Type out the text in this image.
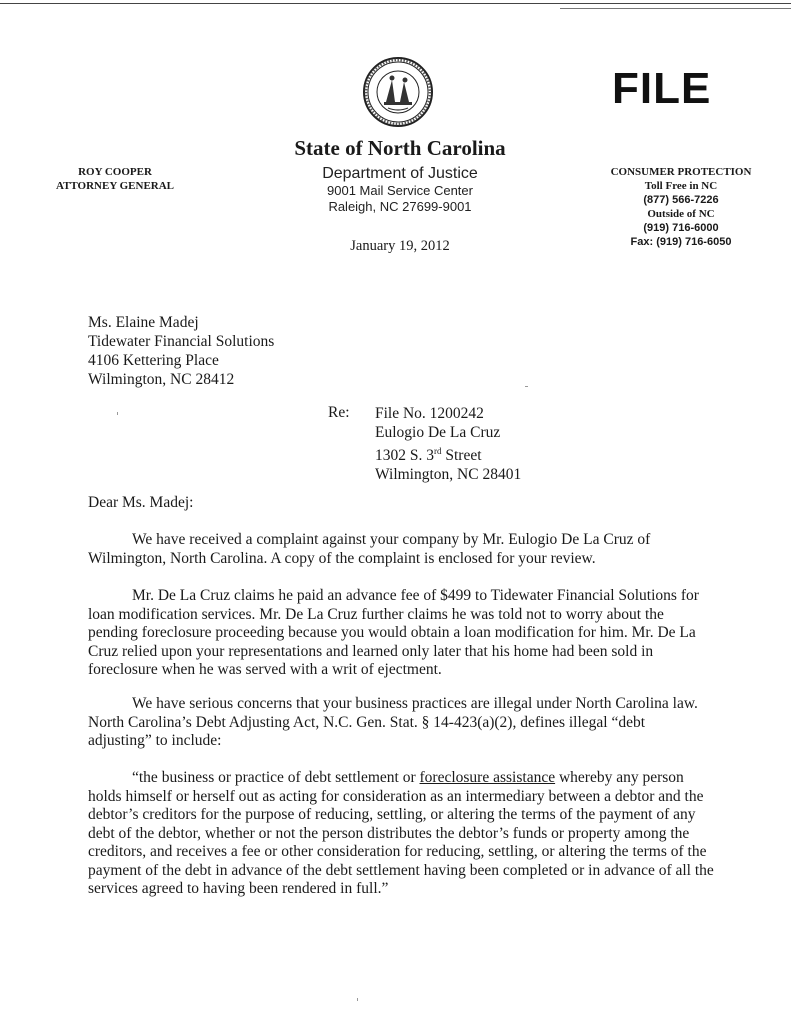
FILE
State of North Carolina
Department of Justice
9001 Mail Service Center
Raleigh, NC 27699-9001
ROY COOPER
ATTORNEY GENERAL
CONSUMER PROTECTION
Toll Free in NC
(877) 566-7226
Outside of NC
(919) 716-6000
Fax: (919) 716-6050
January 19, 2012
Ms. Elaine Madej
Tidewater Financial Solutions
4106 Kettering Place
Wilmington, NC 28412
Re: File No. 1200242
Eulogio De La Cruz
1302 S. 3rd Street
Wilmington, NC 28401
Dear Ms. Madej:
We have received a complaint against your company by Mr. Eulogio De La Cruz of Wilmington, North Carolina. A copy of the complaint is enclosed for your review.
Mr. De La Cruz claims he paid an advance fee of $499 to Tidewater Financial Solutions for loan modification services. Mr. De La Cruz further claims he was told not to worry about the pending foreclosure proceeding because you would obtain a loan modification for him. Mr. De La Cruz relied upon your representations and learned only later that his home had been sold in foreclosure when he was served with a writ of ejectment.
We have serious concerns that your business practices are illegal under North Carolina law. North Carolina’s Debt Adjusting Act, N.C. Gen. Stat. § 14-423(a)(2), defines illegal “debt adjusting” to include:
“the business or practice of debt settlement or foreclosure assistance whereby any person holds himself or herself out as acting for consideration as an intermediary between a debtor and the debtor’s creditors for the purpose of reducing, settling, or altering the terms of the payment of any debt of the debtor, whether or not the person distributes the debtor’s funds or property among the creditors, and receives a fee or other consideration for reducing, settling, or altering the terms of the payment of the debt in advance of the debt settlement having been completed or in advance of all the services agreed to having been rendered in full.”
